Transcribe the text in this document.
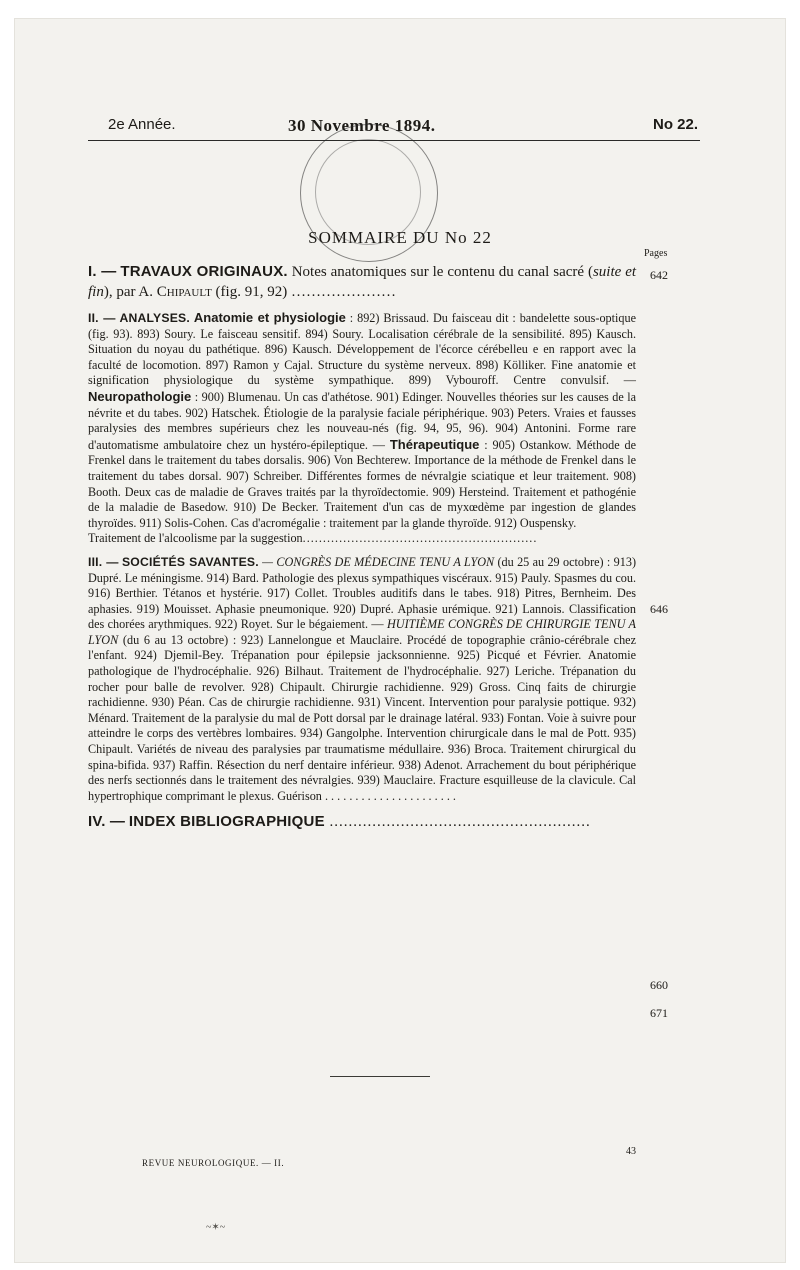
2e Année.	30 Novembre 1894.	No 22.
SOMMAIRE DU No 22
Pages

I. — TRAVAUX ORIGINAUX. Notes anatomiques sur le contenu du canal sacré (suite et fin), par A. Chipault (fig. 91, 92) …………………

II. — ANALYSES. Anatomie et physiologie : 892) Brissaud. Du faisceau dit : bandelette sous-optique (fig. 93). 893) Soury. Le faisceau sensitif. 894) Soury. Localisation cérébrale de la sensibilité. 895) Kausch. Situation du noyau du pathétique. 896) Kausch. Développement de l'écorce cérébelleu e en rapport avec la faculté de locomotion. 897) Ramon y Cajal. Structure du système nerveux. 898) Kölliker. Fine anatomie et signification physiologique du système sympathique. 899) Vybouroff. Centre convulsif. — Neuropathologie : 900) Blumenau. Un cas d'athétose. 901) Edinger. Nouvelles théories sur les causes de la névrite et du tabes. 902) Hatschek. Étiologie de la paralysie faciale périphérique. 903) Peters. Vraies et fausses paralysies des membres supérieurs chez les nouveau-nés (fig. 94, 95, 96). 904) Antonini. Forme rare d'automatisme ambulatoire chez un hystéro-épileptique. — Thérapeutique : 905) Ostankow. Méthode de Frenkel dans le traitement du tabes dorsalis. 906) Von Bechterew. Importance de la méthode de Frenkel dans le traitement du tabes dorsal. 907) Schreiber. Différentes formes de névralgie sciatique et leur traitement. 908) Booth. Deux cas de maladie de Graves traités par la thyroïdectomie. 909) Hersteind. Traitement et pathogénie de la maladie de Basedow. 910) De Becker. Traitement d'un cas de myxœdème par ingestion de glandes thyroïdes. 911) Solis-Cohen. Cas d'acromégalie : traitement par la glande thyroïde. 912) Ouspensky.
Traitement de l'alcoolisme par la suggestion ..........................................................
III. — SOCIÉTÉS SAVANTES. — CONGRÈS DE MÉDECINE TENU A LYON (du 25 au 29 octobre) : 913) Dupré. Le méningisme. 914) Bard. Pathologie des plexus sympathiques viscéraux. 915) Pauly. Spasmes du cou. 916) Berthier. Tétanos et hystérie. 917) Collet. Troubles auditifs dans le tabes. 918) Pitres, Bernheim. Des aphasies. 919) Mouisset. Aphasie pneumonique. 920) Dupré. Aphasie urémique. 921) Lannois. Classification des chorées arythmiques. 922) Royet. Sur le bégaiement. — HUITIÈME CONGRÈS DE CHIRURGIE TENU A LYON (du 6 au 13 octobre) : 923) Lannelongue et Mauclaire. Procédé de topographie crânio-cérébrale chez l'enfant. 924) Djemil-Bey. Trépanation pour épilepsie jacksonnienne. 925) Picqué et Février. Anatomie pathologique de l'hydrocéphalie. 926) Bilhaut. Traitement de l'hydrocéphalie. 927) Leriche. Trépanation du rocher pour balle de revolver. 928) Chipault. Chirurgie rachidienne. 929) Gross. Cinq faits de chirurgie rachidienne. 930) Péan. Cas de chirurgie rachidienne. 931) Vincent. Intervention pour paralysie pottique. 932) Ménard. Traitement de la paralysie du mal de Pott dorsal par le drainage latéral. 933) Fontan. Voie à suivre pour atteindre le corps des vertèbres lombaires. 934) Gangolphe. Intervention chirurgicale dans le mal de Pott. 935) Chipault. Variétés de niveau des paralysies par traumatisme médullaire. 936) Broca. Traitement chirurgical du spina-bifida. 937) Raffin. Résection du nerf dentaire inférieur. 938) Adenot. Arrachement du bout périphérique des nerfs sectionnés dans le traitement des névralgies. 939) Mauclaire. Fracture esquilleuse de la clavicule. Cal hypertrophique comprimant le plexus. Guérison . . . . . . . . . . . . . . . . . . . . . .
IV. —
INDEX BIBLIOGRAPHIQUE .......................................................
642
646
660
671
REVUE NEUROLOGIQUE. — II.
43
~✶~
